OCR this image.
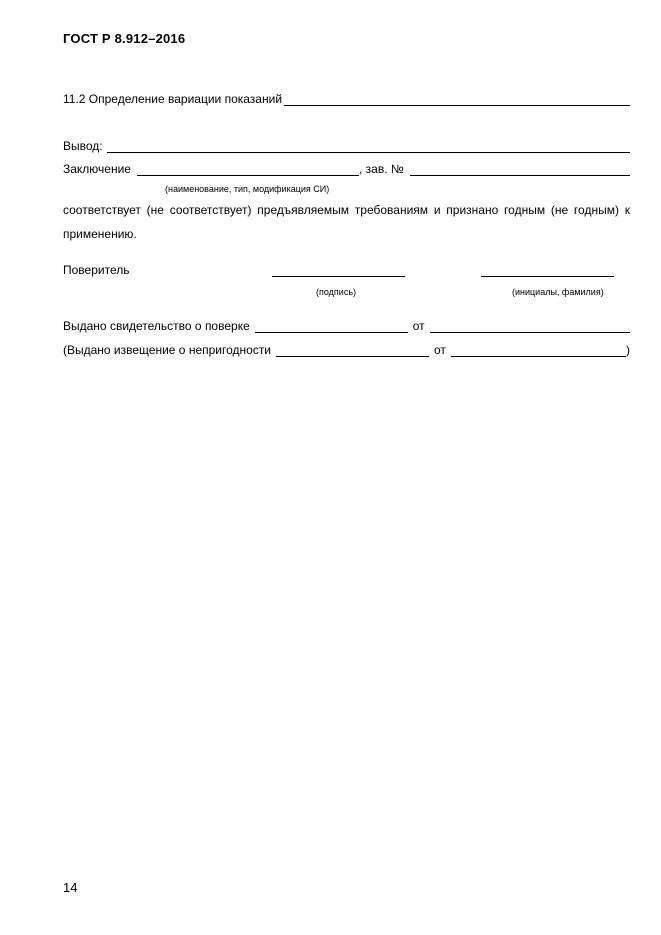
ГОСТ Р 8.912–2016
11.2 Определение вариации показаний
Вывод:
Заключение	, зав. №
(наименование, тип, модификация СИ)
соответствует (не соответствует) предъявляемым требованиям и признано годным (не годным) к применению.
Поверитель
(подпись)	(инициалы, фамилия)
Выдано свидетельство о поверке	от
(Выдано извещение о непригодности	от	)
14
